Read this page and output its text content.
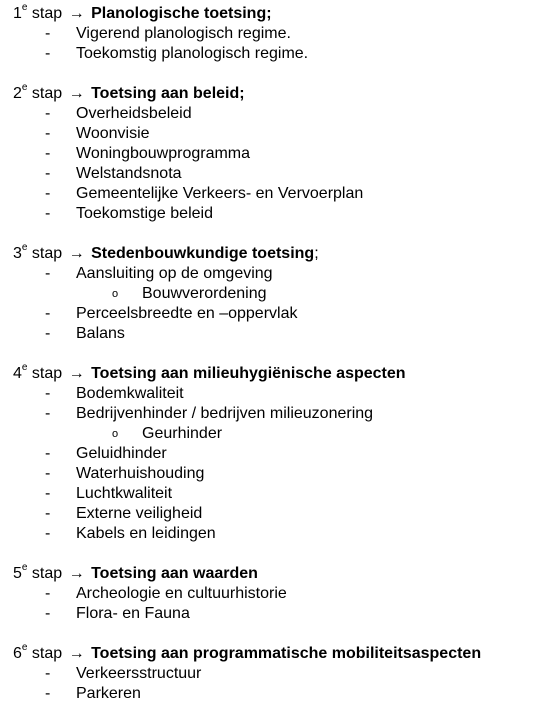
1e stap → Planologische toetsing;
- Vigerend planologisch regime.
- Toekomstig planologisch regime.
2e stap → Toetsing aan beleid;
- Overheidsbeleid
- Woonvisie
- Woningbouwprogramma
- Welstandsnota
- Gemeentelijke Verkeers- en Vervoerplan
- Toekomstige beleid
3e stap → Stedenbouwkundige toetsing;
- Aansluiting op de omgeving
o Bouwverordening
- Perceelsbreedte en –oppervlak
- Balans
4e stap → Toetsing aan milieuhygiënische aspecten
- Bodemkwaliteit
- Bedrijvenhinder / bedrijven milieuzonering
o Geurhinder
- Geluidhinder
- Waterhuishouding
- Luchtkwaliteit
- Externe veiligheid
- Kabels en leidingen
5e stap → Toetsing aan waarden
- Archeologie en cultuurhistorie
- Flora- en Fauna
6e stap → Toetsing aan programmatische mobiliteitsaspecten
- Verkeersstructuur
- Parkeren
